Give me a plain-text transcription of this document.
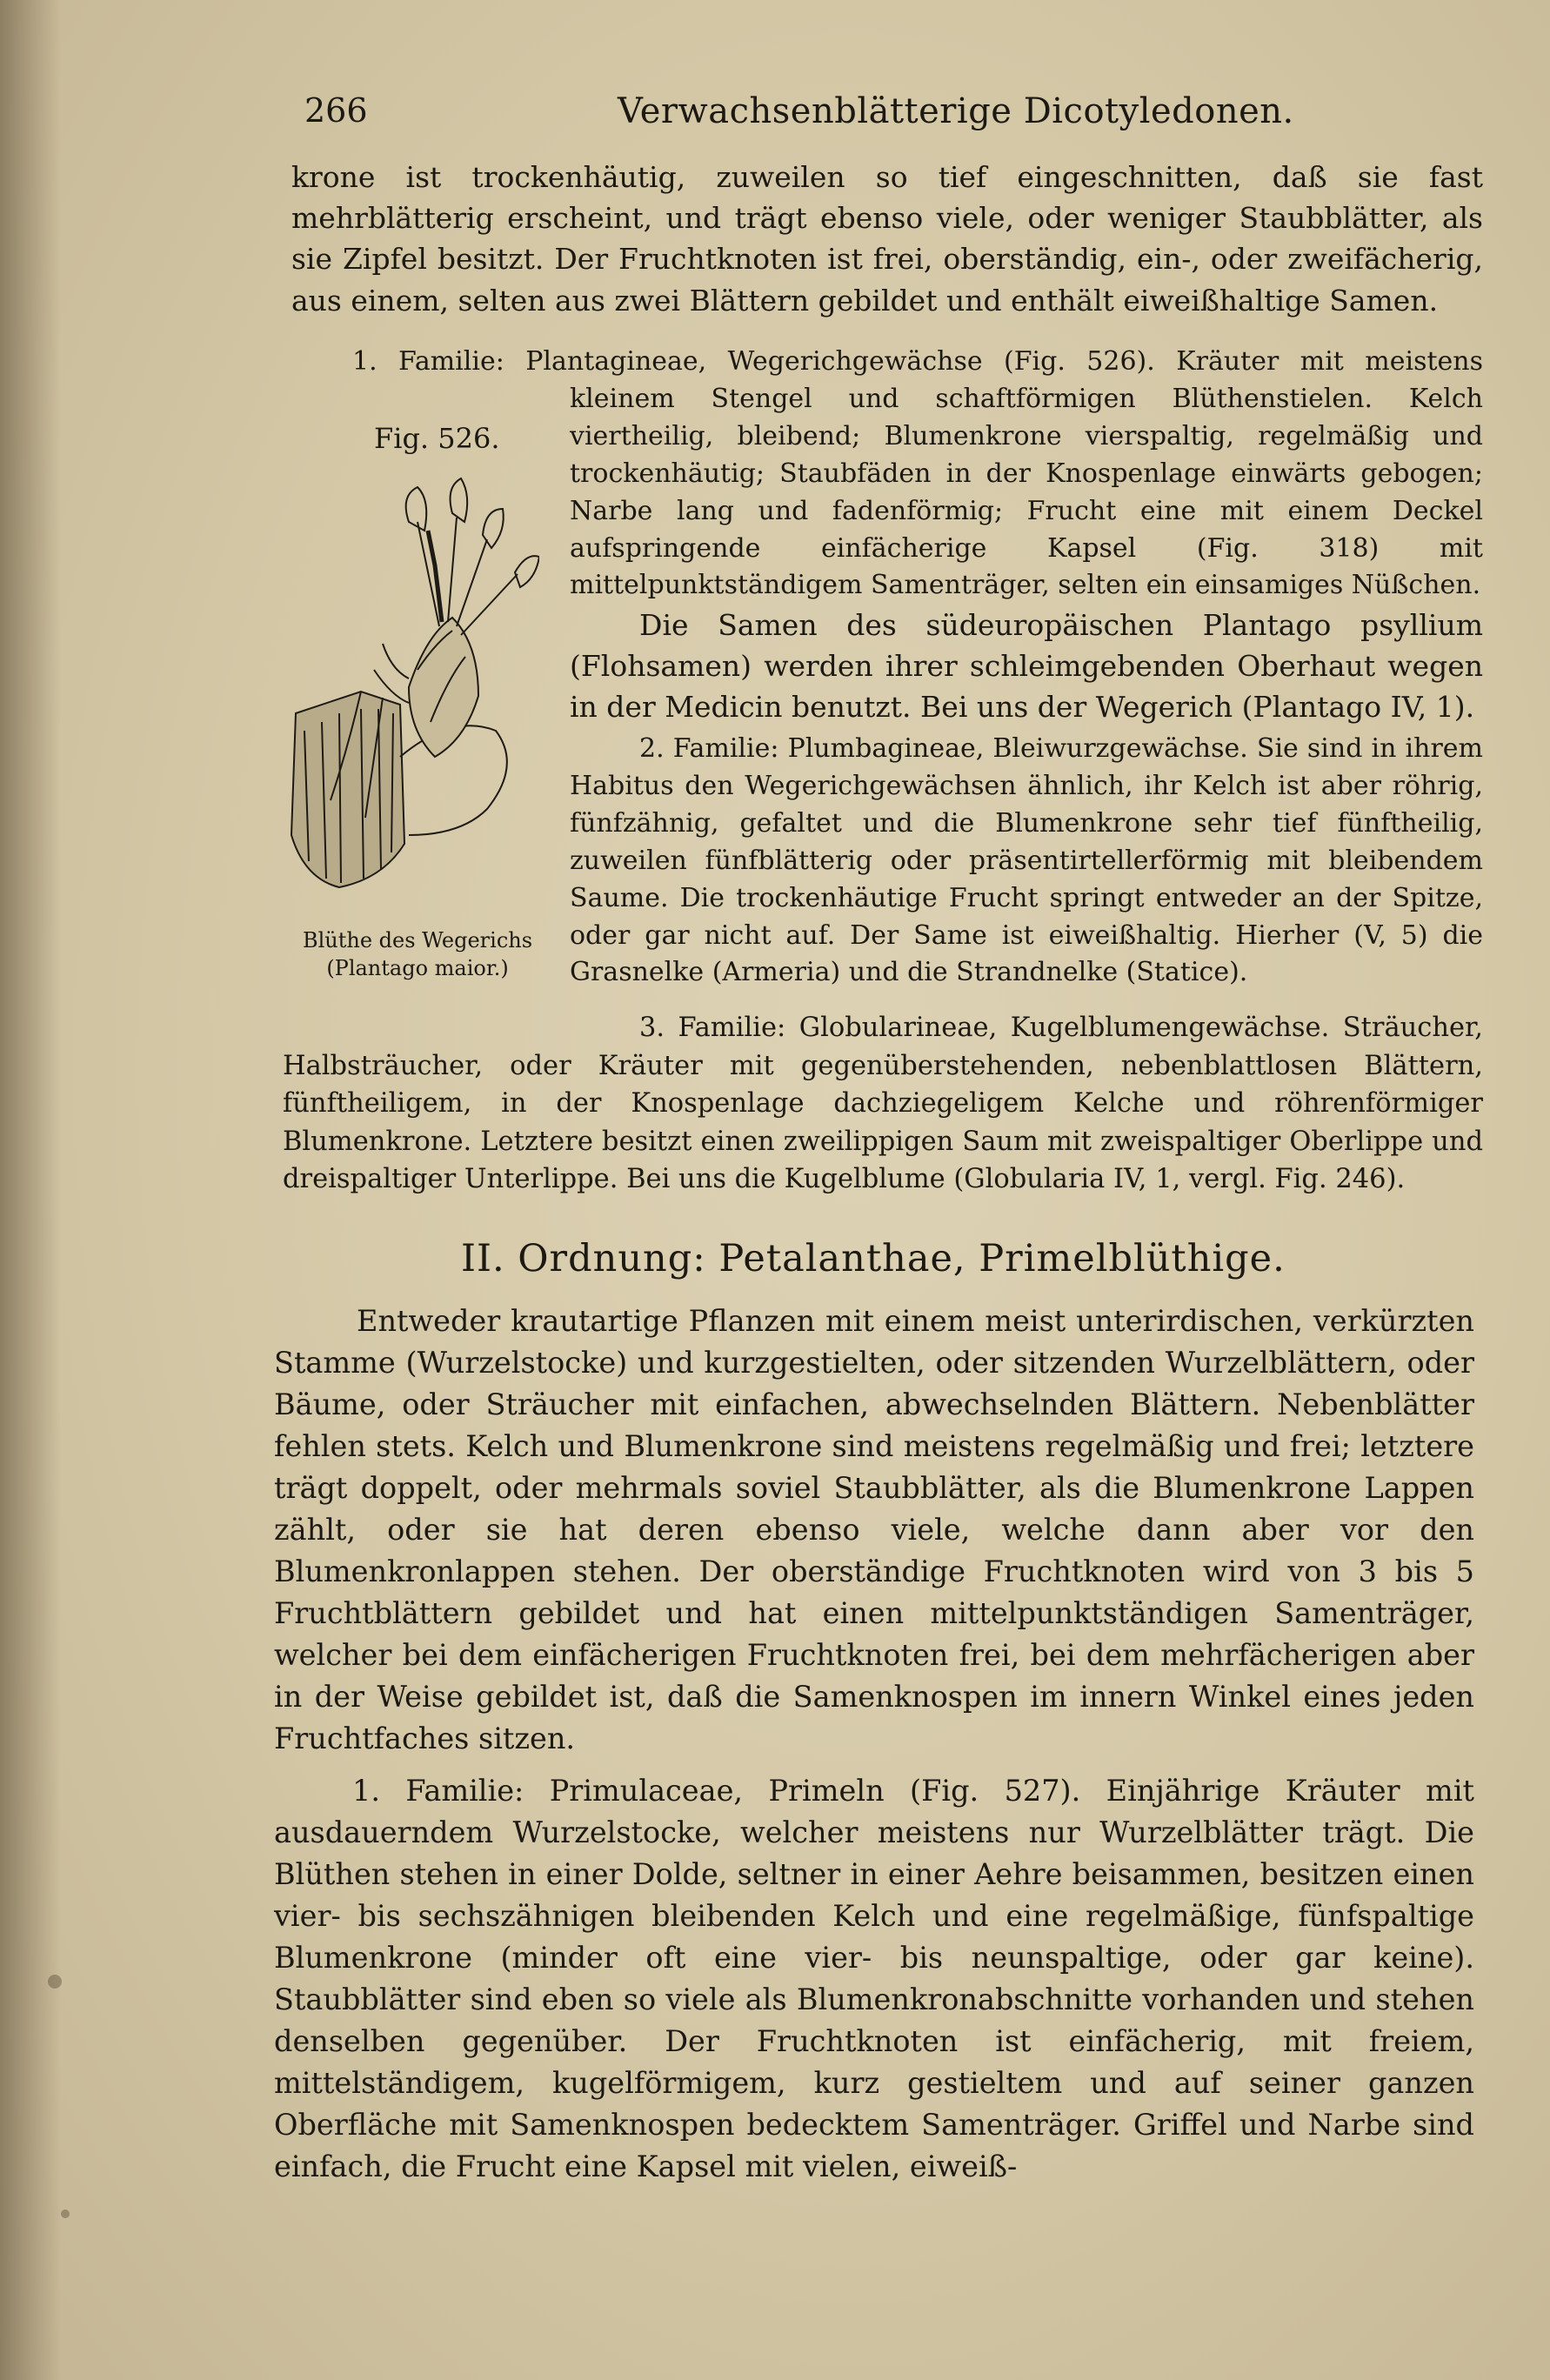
266	Verwachsenblätterige Dicotyledonen.

krone ist trockenhäutig, zuweilen so tief eingeschnitten, daß sie fast mehrblätterig erscheint, und trägt ebenso viele, oder weniger Staubblätter, als sie Zipfel besitzt. Der Fruchtknoten ist frei, oberständig, ein-, oder zweifächerig, aus einem, selten aus zwei Blättern gebildet und enthält eiweißhaltige Samen.

Fig. 526.
Blüthe des Wegerichs
(Plantago maior.)

1. Familie: Plantagineae, Wegerichgewächse (Fig. 526). Kräuter mit meistens kleinem Stengel und schaftförmigen Blüthenstielen. Kelch viertheilig, bleibend; Blumenkrone vierspaltig, regelmäßig und trockenhäutig; Staubfäden in der Knospenlage einwärts gebogen; Narbe lang und fadenförmig; Frucht eine mit einem Deckel aufspringende einfächerige Kapsel (Fig. 318) mit mittelpunktständigem Samenträger, selten ein einsamiges Nüßchen.

Die Samen des südeuropäischen Plantago psyllium (Flohsamen) werden ihrer schleimgebenden Oberhaut wegen in der Medicin benutzt. Bei uns der Wegerich (Plantago IV, 1).

2. Familie: Plumbagineae, Bleiwurzgewächse. Sie sind in ihrem Habitus den Wegerichgewächsen ähnlich, ihr Kelch ist aber röhrig, fünfzähnig, gefaltet und die Blumenkrone sehr tief fünftheilig, zuweilen fünfblätterig oder präsentirtellerförmig mit bleibendem Saume. Die trockenhäutige Frucht springt entweder an der Spitze, oder gar nicht auf. Der Same ist eiweißhaltig. Hierher (V, 5) die Grasnelke (Armeria) und die Strandnelke (Statice).

3. Familie: Globularineae, Kugelblumengewächse. Sträucher, Halbsträucher, oder Kräuter mit gegenüberstehenden, nebenblattlosen Blättern, fünftheiligem, in der Knospenlage dachziegeligem Kelche und röhrenförmiger Blumenkrone. Letztere besitzt einen zweilippigen Saum mit zweispaltiger Oberlippe und dreispaltiger Unterlippe. Bei uns die Kugelblume (Globularia IV, 1, vergl. Fig. 246).

II. Ordnung: Petalanthae, Primelblüthige.

Entweder krautartige Pflanzen mit einem meist unterirdischen, verkürzten Stamme (Wurzelstocke) und kurzgestielten, oder sitzenden Wurzelblättern, oder Bäume, oder Sträucher mit einfachen, abwechselnden Blättern. Nebenblätter fehlen stets. Kelch und Blumenkrone sind meistens regelmäßig und frei; letztere trägt doppelt, oder mehrmals soviel Staubblätter, als die Blumenkrone Lappen zählt, oder sie hat deren ebenso viele, welche dann aber vor den Blumenkronlappen stehen. Der oberständige Fruchtknoten wird von 3 bis 5 Fruchtblättern gebildet und hat einen mittelpunktständigen Samenträger, welcher bei dem einfächerigen Fruchtknoten frei, bei dem mehrfächerigen aber in der Weise gebildet ist, daß die Samenknospen im innern Winkel eines jeden Fruchtfaches sitzen.

1. Familie: Primulaceae, Primeln (Fig. 527). Einjährige Kräuter mit ausdauerndem Wurzelstocke, welcher meistens nur Wurzelblätter trägt. Die Blüthen stehen in einer Dolde, seltner in einer Aehre beisammen, besitzen einen vier- bis sechszähnigen bleibenden Kelch und eine regelmäßige, fünfspaltige Blumenkrone (minder oft eine vier- bis neunspaltige, oder gar keine). Staubblätter sind eben so viele als Blumenkronabschnitte vorhanden und stehen denselben gegenüber. Der Fruchtknoten ist einfächerig, mit freiem, mittelständigem, kugelförmigem, kurz gestieltem und auf seiner ganzen Oberfläche mit Samenknospen bedecktem Samenträger. Griffel und Narbe sind einfach, die Frucht eine Kapsel mit vielen, eiweiß-
